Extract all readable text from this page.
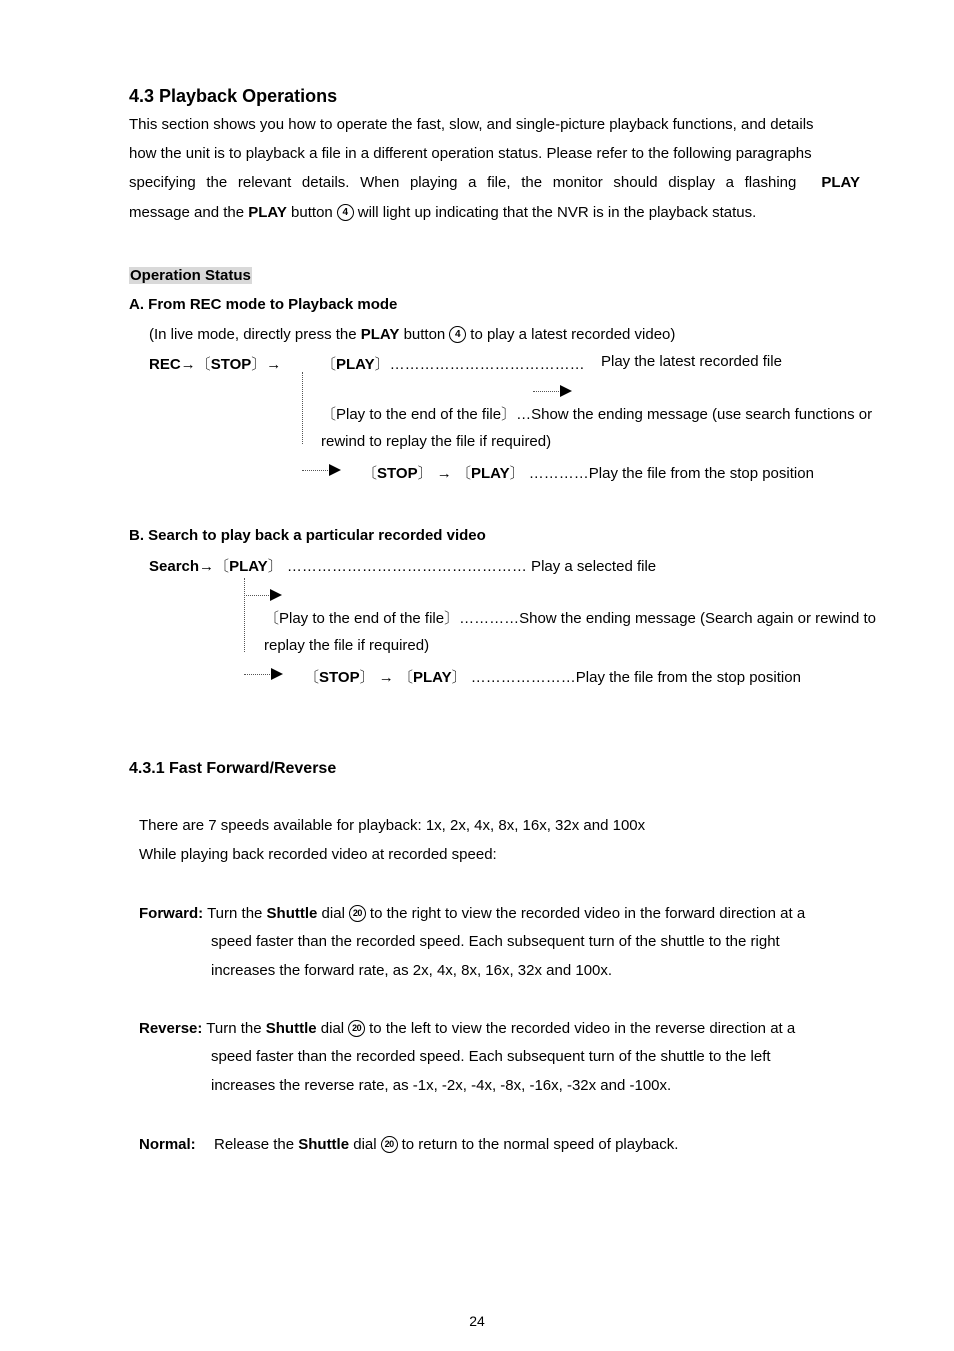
4.3 Playback Operations
This section shows you how to operate the fast, slow, and single-picture playback functions, and details
how the unit is to playback a file in a different operation status. Please refer to the following paragraphs
specifying the relevant details. When playing a file, the monitor should display a flashing PLAY
message and the PLAY button 4 will light up indicating that the NVR is in the playback status.
Operation Status
A. From REC mode to Playback mode
(In live mode, directly press the PLAY button 4 to play a latest recorded video)
REC→〔STOP〕→	〔PLAY〕………………………………… Play the latest recorded file
〔Play to the end of the file〕…Show the ending message (use search functions or
rewind to replay the file if required)
〔STOP〕 → 〔PLAY〕 …………Play the file from the stop position
B. Search to play back a particular recorded video
Search→〔PLAY〕 ………………………………………… Play a selected file
〔Play to the end of the file〕…………Show the ending message (Search again or rewind to
replay the file if required)
〔STOP〕 → 〔PLAY〕 …………………Play the file from the stop position
4.3.1 Fast Forward/Reverse
There are 7 speeds available for playback: 1x, 2x, 4x, 8x, 16x, 32x and 100x
While playing back recorded video at recorded speed:
Forward: Turn the Shuttle dial 20 to the right to view the recorded video in the forward direction at a
speed faster than the recorded speed. Each subsequent turn of the shuttle to the right
increases the forward rate, as 2x, 4x, 8x, 16x, 32x and 100x.
Reverse: Turn the Shuttle dial 20 to the left to view the recorded video in the reverse direction at a
speed faster than the recorded speed. Each subsequent turn of the shuttle to the left
increases the reverse rate, as -1x, -2x, -4x, -8x, -16x, -32x and -100x.
Normal: Release the Shuttle dial 20 to return to the normal speed of playback.
24
